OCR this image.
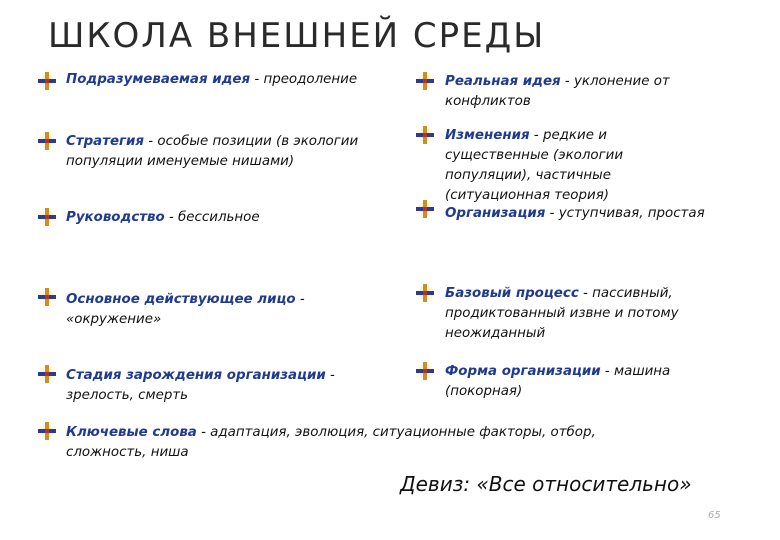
ШКОЛА ВНЕШНЕЙ СРЕДЫ
Подразумеваемая идея - преодоление
Стратегия - особые позиции (в экологии популяции именуемые нишами)
Руководство - бессильное
Основное действующее лицо - «окружение»
Стадия зарождения организации - зрелость, смерть
Ключевые слова - адаптация, эволюция, ситуационные факторы, отбор, сложность, ниша
Реальная идея - уклонение от конфликтов
Изменения - редкие и существенные (экологии популяции), частичные (ситуационная теория)
Организация - уступчивая, простая
Базовый процесс - пассивный, продиктованный извне и потому неожиданный
Форма организации - машина (покорная)
Девиз: «Все относительно»
65
